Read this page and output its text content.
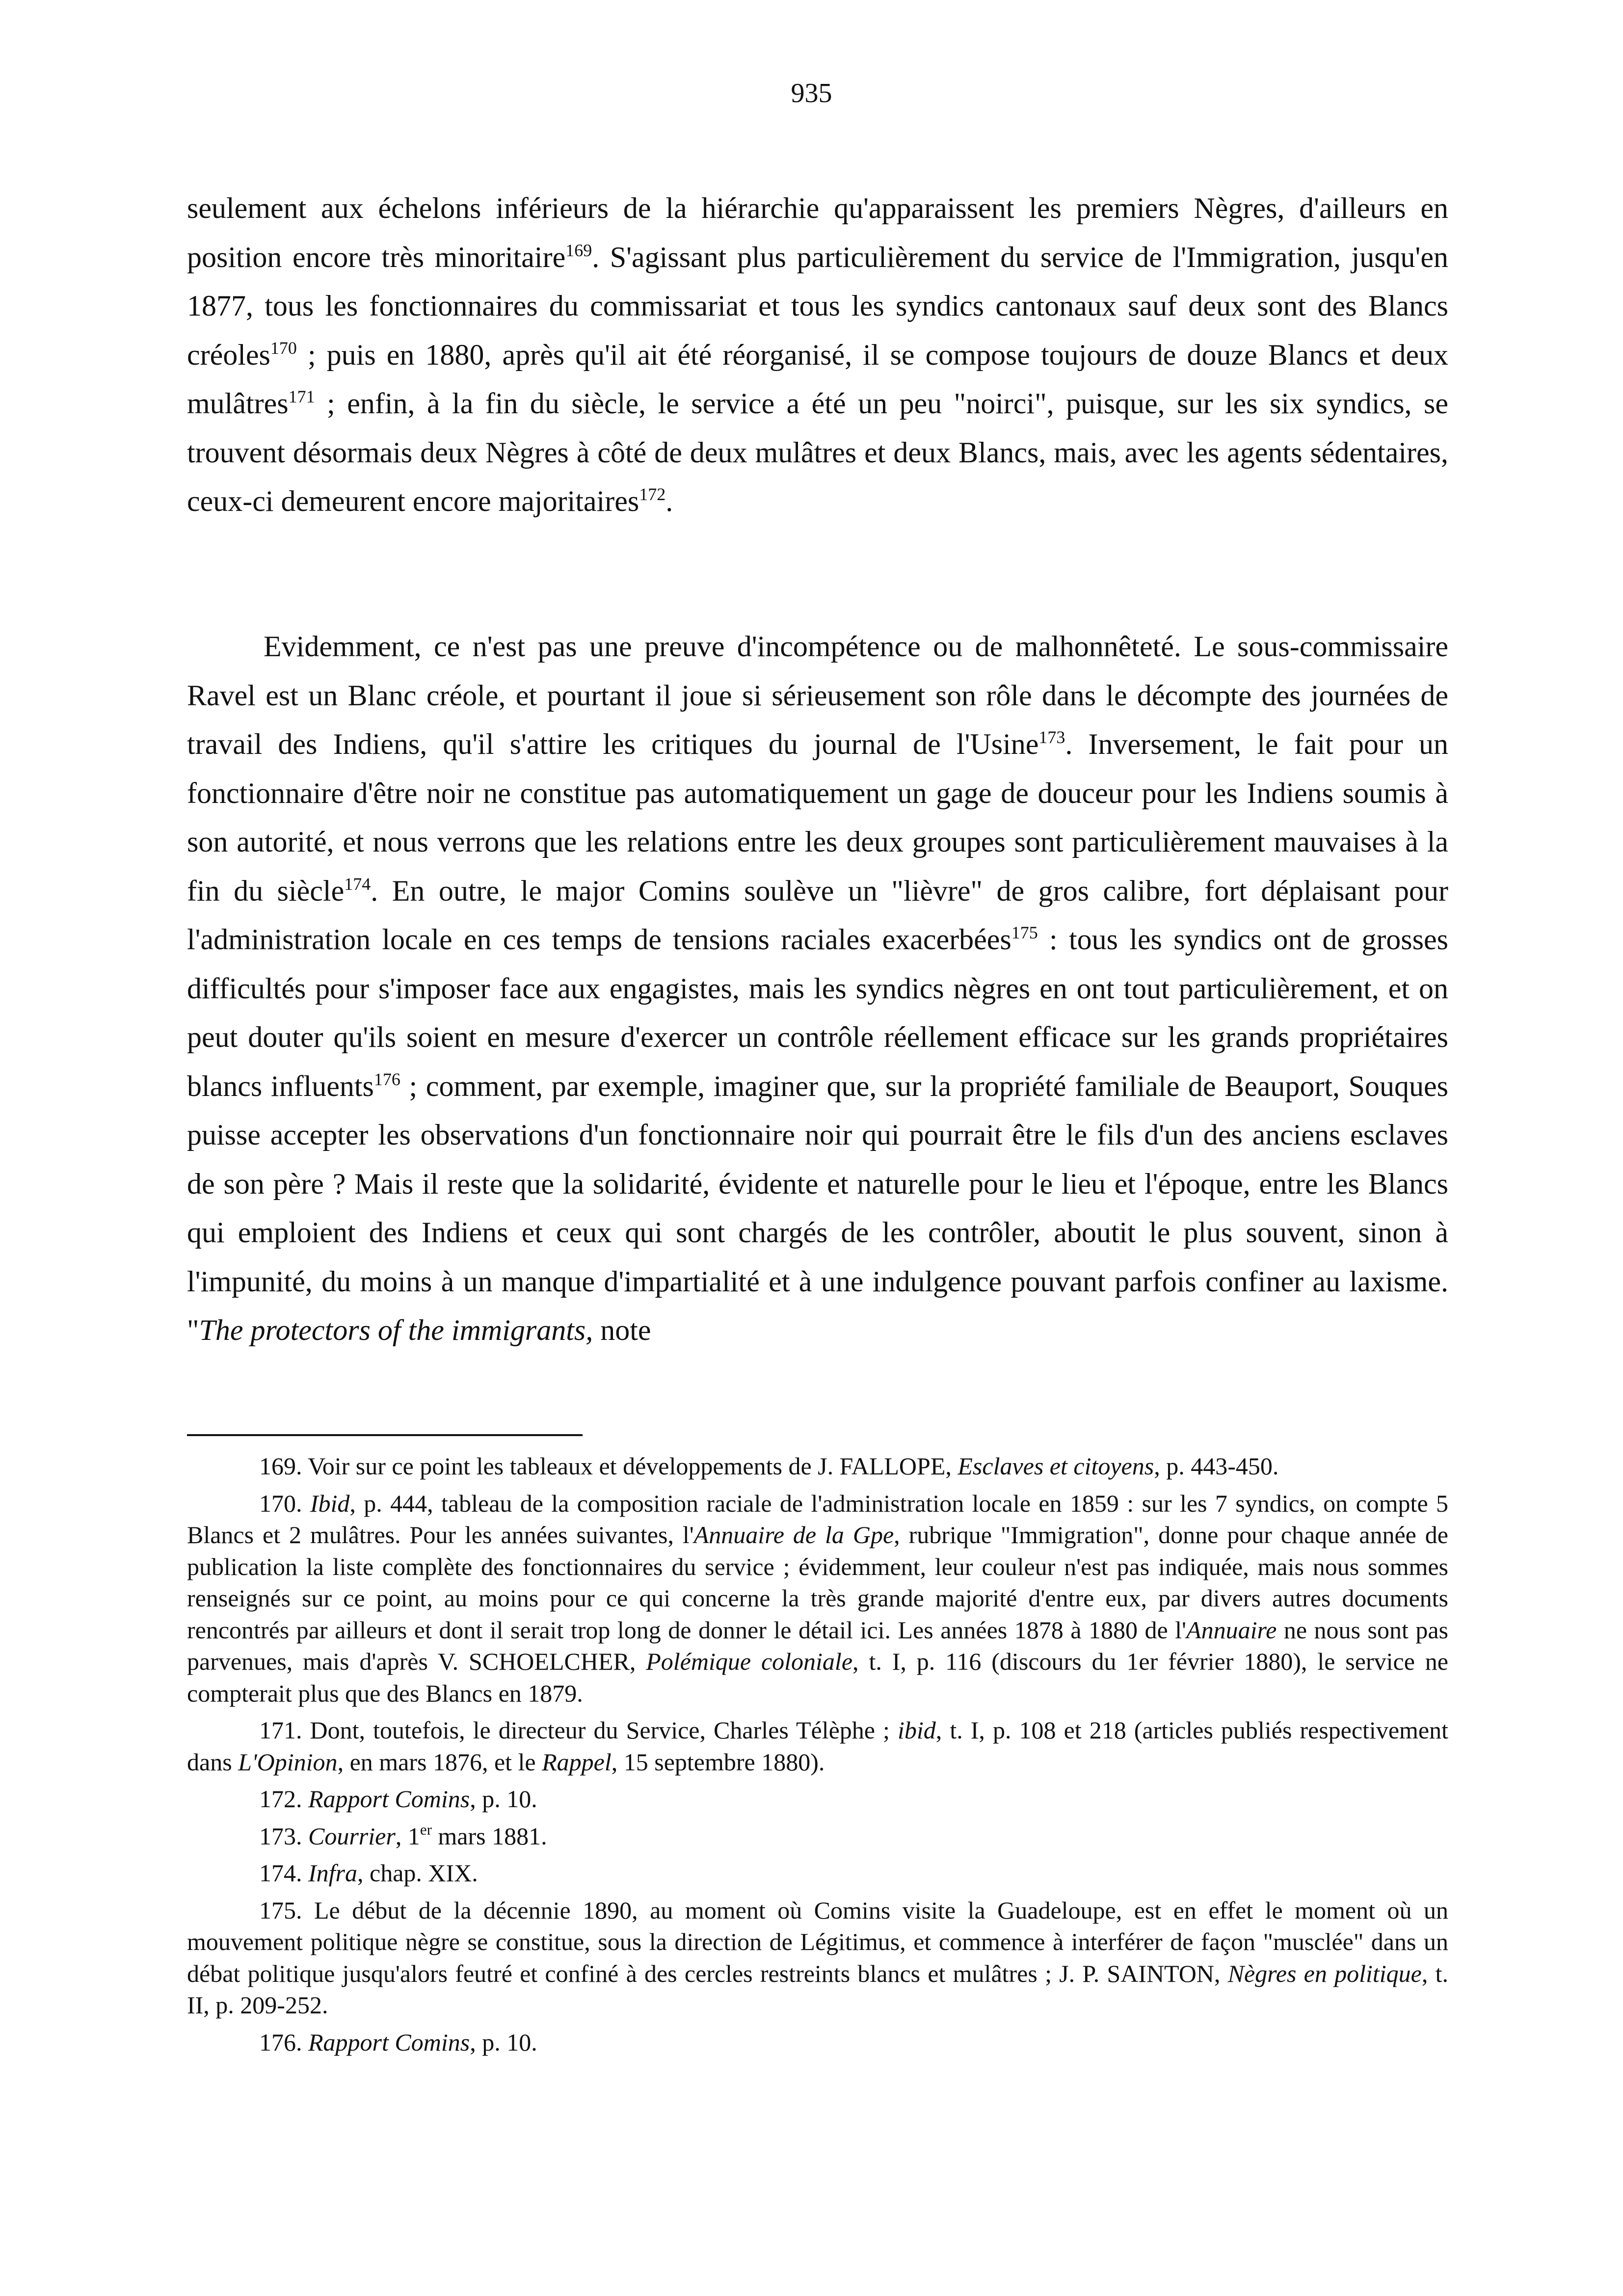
935

seulement aux échelons inférieurs de la hiérarchie qu'apparaissent les premiers Nègres, d'ailleurs en position encore très minoritaire$^{169}$. S'agissant plus particulièrement du service de l'Immigration, jusqu'en 1877, tous les fonctionnaires du commissariat et tous les syndics cantonaux sauf deux sont des Blancs créoles$^{170}$ ; puis en 1880, après qu'il ait été réorganisé, il se compose toujours de douze Blancs et deux mulâtres$^{171}$ ; enfin, à la fin du siècle, le service a été un peu "noirci", puisque, sur les six syndics, se trouvent désormais deux Nègres à côté de deux mulâtres et deux Blancs, mais, avec les agents sédentaires, ceux-ci demeurent encore majoritaires$^{172}$.

Evidemment, ce n'est pas une preuve d'incompétence ou de malhonnêteté. Le sous-commissaire Ravel est un Blanc créole, et pourtant il joue si sérieusement son rôle dans le décompte des journées de travail des Indiens, qu'il s'attire les critiques du journal de l'Usine$^{173}$. Inversement, le fait pour un fonctionnaire d'être noir ne constitue pas automatiquement un gage de douceur pour les Indiens soumis à son autorité, et nous verrons que les relations entre les deux groupes sont particulièrement mauvaises à la fin du siècle$^{174}$. En outre, le major Comins soulève un "lièvre" de gros calibre, fort déplaisant pour l'administration locale en ces temps de tensions raciales exacerbées$^{175}$ : tous les syndics ont de grosses difficultés pour s'imposer face aux engagistes, mais les syndics nègres en ont tout particulièrement, et on peut douter qu'ils soient en mesure d'exercer un contrôle réellement efficace sur les grands propriétaires blancs influents$^{176}$ ; comment, par exemple, imaginer que, sur la propriété familiale de Beauport, Souques puisse accepter les observations d'un fonctionnaire noir qui pourrait être le fils d'un des anciens esclaves de son père ? Mais il reste que la solidarité, évidente et naturelle pour le lieu et l'époque, entre les Blancs qui emploient des Indiens et ceux qui sont chargés de les contrôler, aboutit le plus souvent, sinon à l'impunité, du moins à un manque d'impartialité et à une indulgence pouvant parfois confiner au laxisme. "The protectors of the immigrants, note

169. Voir sur ce point les tableaux et développements de J. FALLOPE, Esclaves et citoyens, p. 443-450.

170. Ibid, p. 444, tableau de la composition raciale de l'administration locale en 1859 : sur les 7 syndics, on compte 5 Blancs et 2 mulâtres. Pour les années suivantes, l'Annuaire de la Gpe, rubrique "Immigration", donne pour chaque année de publication la liste complète des fonctionnaires du service ; évidemment, leur couleur n'est pas indiquée, mais nous sommes renseignés sur ce point, au moins pour ce qui concerne la très grande majorité d'entre eux, par divers autres documents rencontrés par ailleurs et dont il serait trop long de donner le détail ici. Les années 1878 à 1880 de l'Annuaire ne nous sont pas parvenues, mais d'après V. SCHOELCHER, Polémique coloniale, t. I, p. 116 (discours du 1er février 1880), le service ne compterait plus que des Blancs en 1879.

171. Dont, toutefois, le directeur du Service, Charles Télèphe ; ibid, t. I, p. 108 et 218 (articles publiés respectivement dans L'Opinion, en mars 1876, et le Rappel, 15 septembre 1880).

172. Rapport Comins, p. 10.

173. Courrier, 1er mars 1881.

174. Infra, chap. XIX.

175. Le début de la décennie 1890, au moment où Comins visite la Guadeloupe, est en effet le moment où un mouvement politique nègre se constitue, sous la direction de Légitimus, et commence à interférer de façon "musclée" dans un débat politique jusqu'alors feutré et confiné à des cercles restreints blancs et mulâtres ; J. P. SAINTON, Nègres en politique, t. II, p. 209-252.

176. Rapport Comins, p. 10.
